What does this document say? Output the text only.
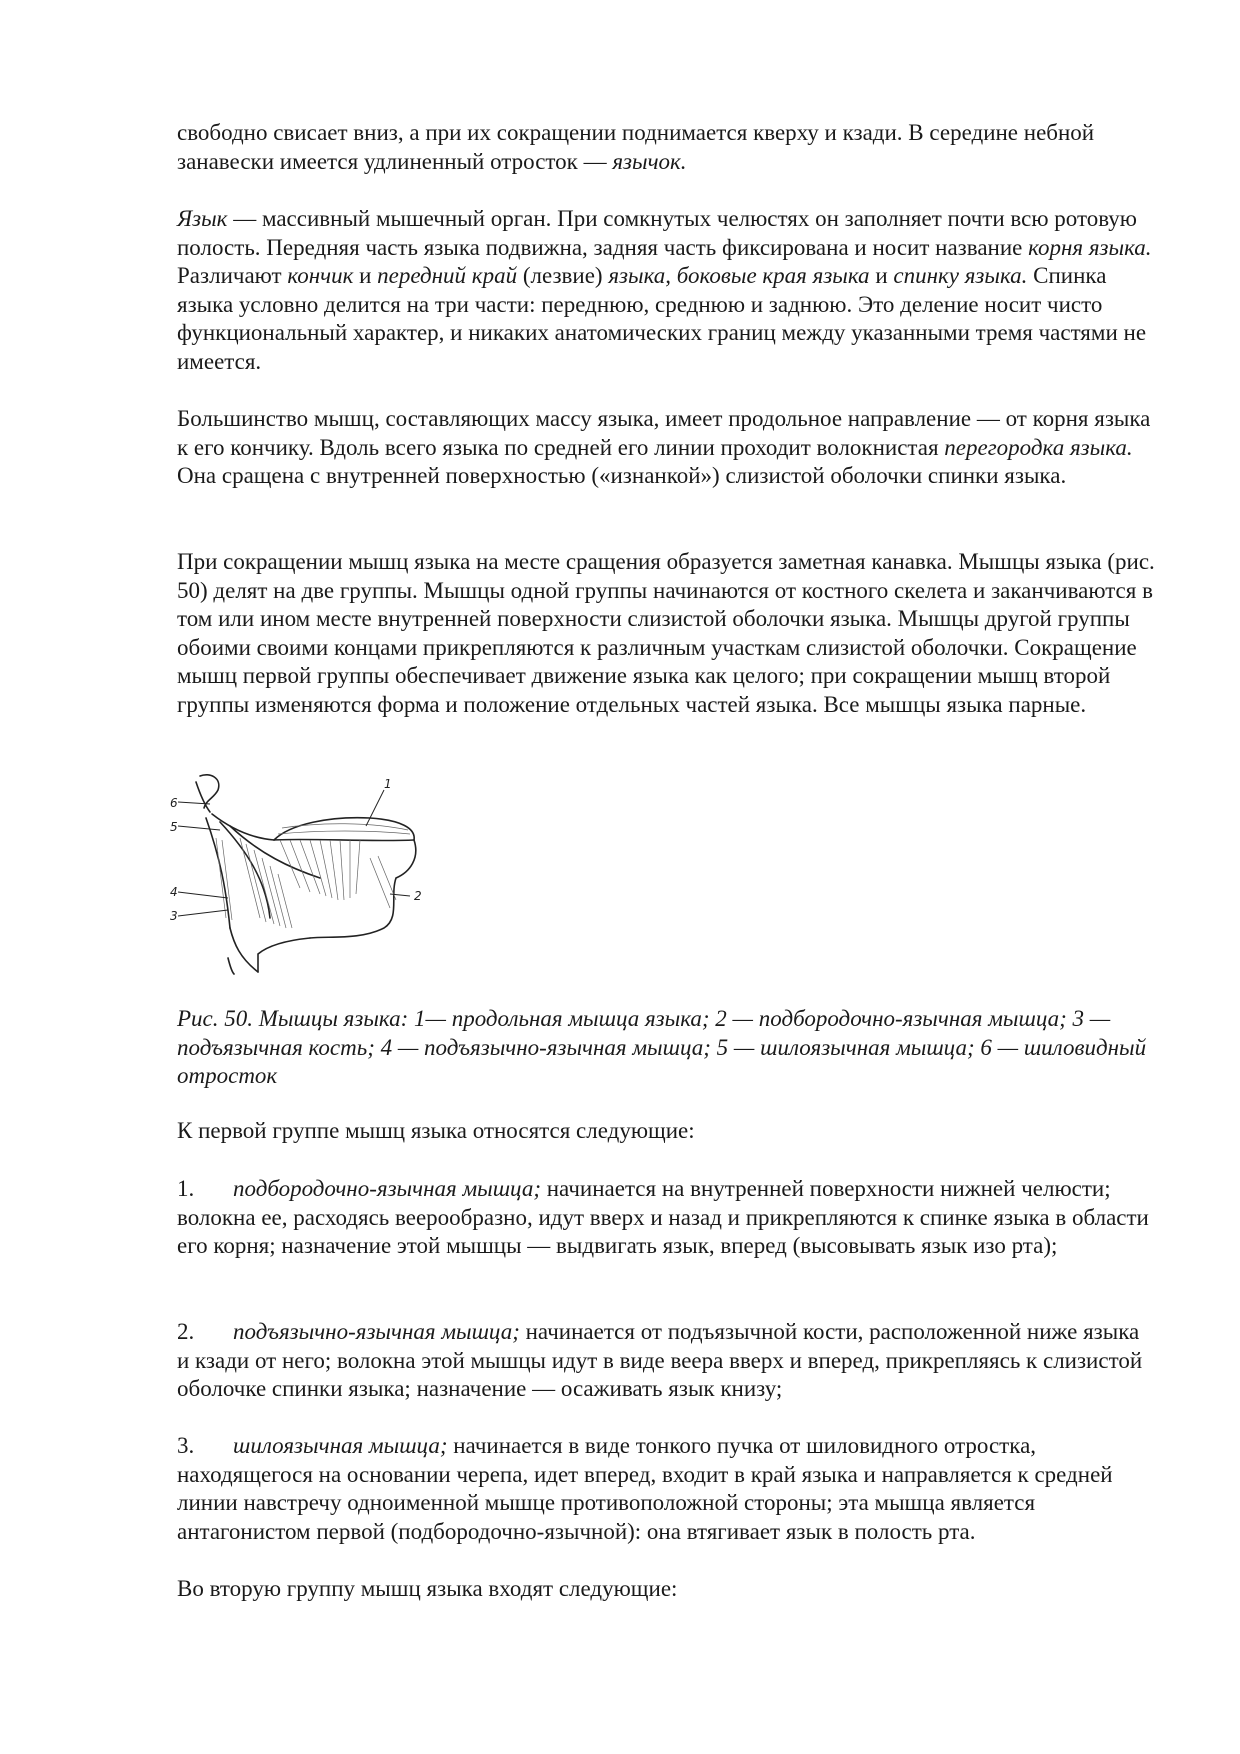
свободно свисает вниз, а при их сокращении поднимается кверху и кзади. В середине небной занавески имеется удлиненный отросток — язычок.

Язык — массивный мышечный орган. При сомкнутых челюстях он заполняет почти всю ротовую полость. Передняя часть языка подвижна, задняя часть фиксирована и носит название корня языка. Различают кончик и передний край (лезвие) языка, боковые края языка и спинку языка. Спинка языка условно делится на три части: переднюю, среднюю и заднюю. Это деление носит чисто функциональный характер, и никаких анатомических границ между указанными тремя частями не имеется.

Большинство мышц, составляющих массу языка, имеет продольное направление — от корня языка к его кончику. Вдоль всего языка по средней его линии проходит волокнистая перегородка языка. Она сращена с внутренней поверхностью («изнанкой») слизистой оболочки спинки языка.

При сокращении мышц языка на месте сращения образуется заметная канавка. Мышцы языка (рис. 50) делят на две группы. Мышцы одной группы начинаются от костного скелета и заканчиваются в том или ином месте внутренней поверхности слизистой оболочки языка. Мышцы другой группы обоими своими концами прикрепляются к различным участкам слизистой оболочки. Сокращение мышц первой группы обеспечивает движение языка как целого; при сокращении мышц второй группы изменяются форма и положение отдельных частей языка. Все мышцы языка парные.

6
5
4
3
1
2

Рис. 50. Мышцы языка: 1— продольная мышца языка; 2 — подбородочно-язычная мышца; 3 — подъязычная кость; 4 — подъязычно-язычная мышца; 5 — шилоязычная мышца; 6 — шиловидный отросток

К первой группе мышц языка относятся следующие:

1. подбородочно-язычная мышца; начинается на внутренней поверхности нижней челюсти; волокна ее, расходясь веерообразно, идут вверх и назад и прикрепляются к спинке языка в области его корня; назначение этой мышцы — выдвигать язык, вперед (высовывать язык изо рта);

2. подъязычно-язычная мышца; начинается от подъязычной кости, расположенной ниже языка и кзади от него; волокна этой мышцы идут в виде веера вверх и вперед, прикрепляясь к слизистой оболочке спинки языка; назначение — осаживать язык книзу;

3. шилоязычная мышца; начинается в виде тонкого пучка от шиловидного отростка, находящегося на основании черепа, идет вперед, входит в край языка и направляется к средней линии навстречу одноименной мышце противоположной стороны; эта мышца является антагонистом первой (подбородочно-язычной): она втягивает язык в полость рта.

Во вторую группу мышц языка входят следующие:
